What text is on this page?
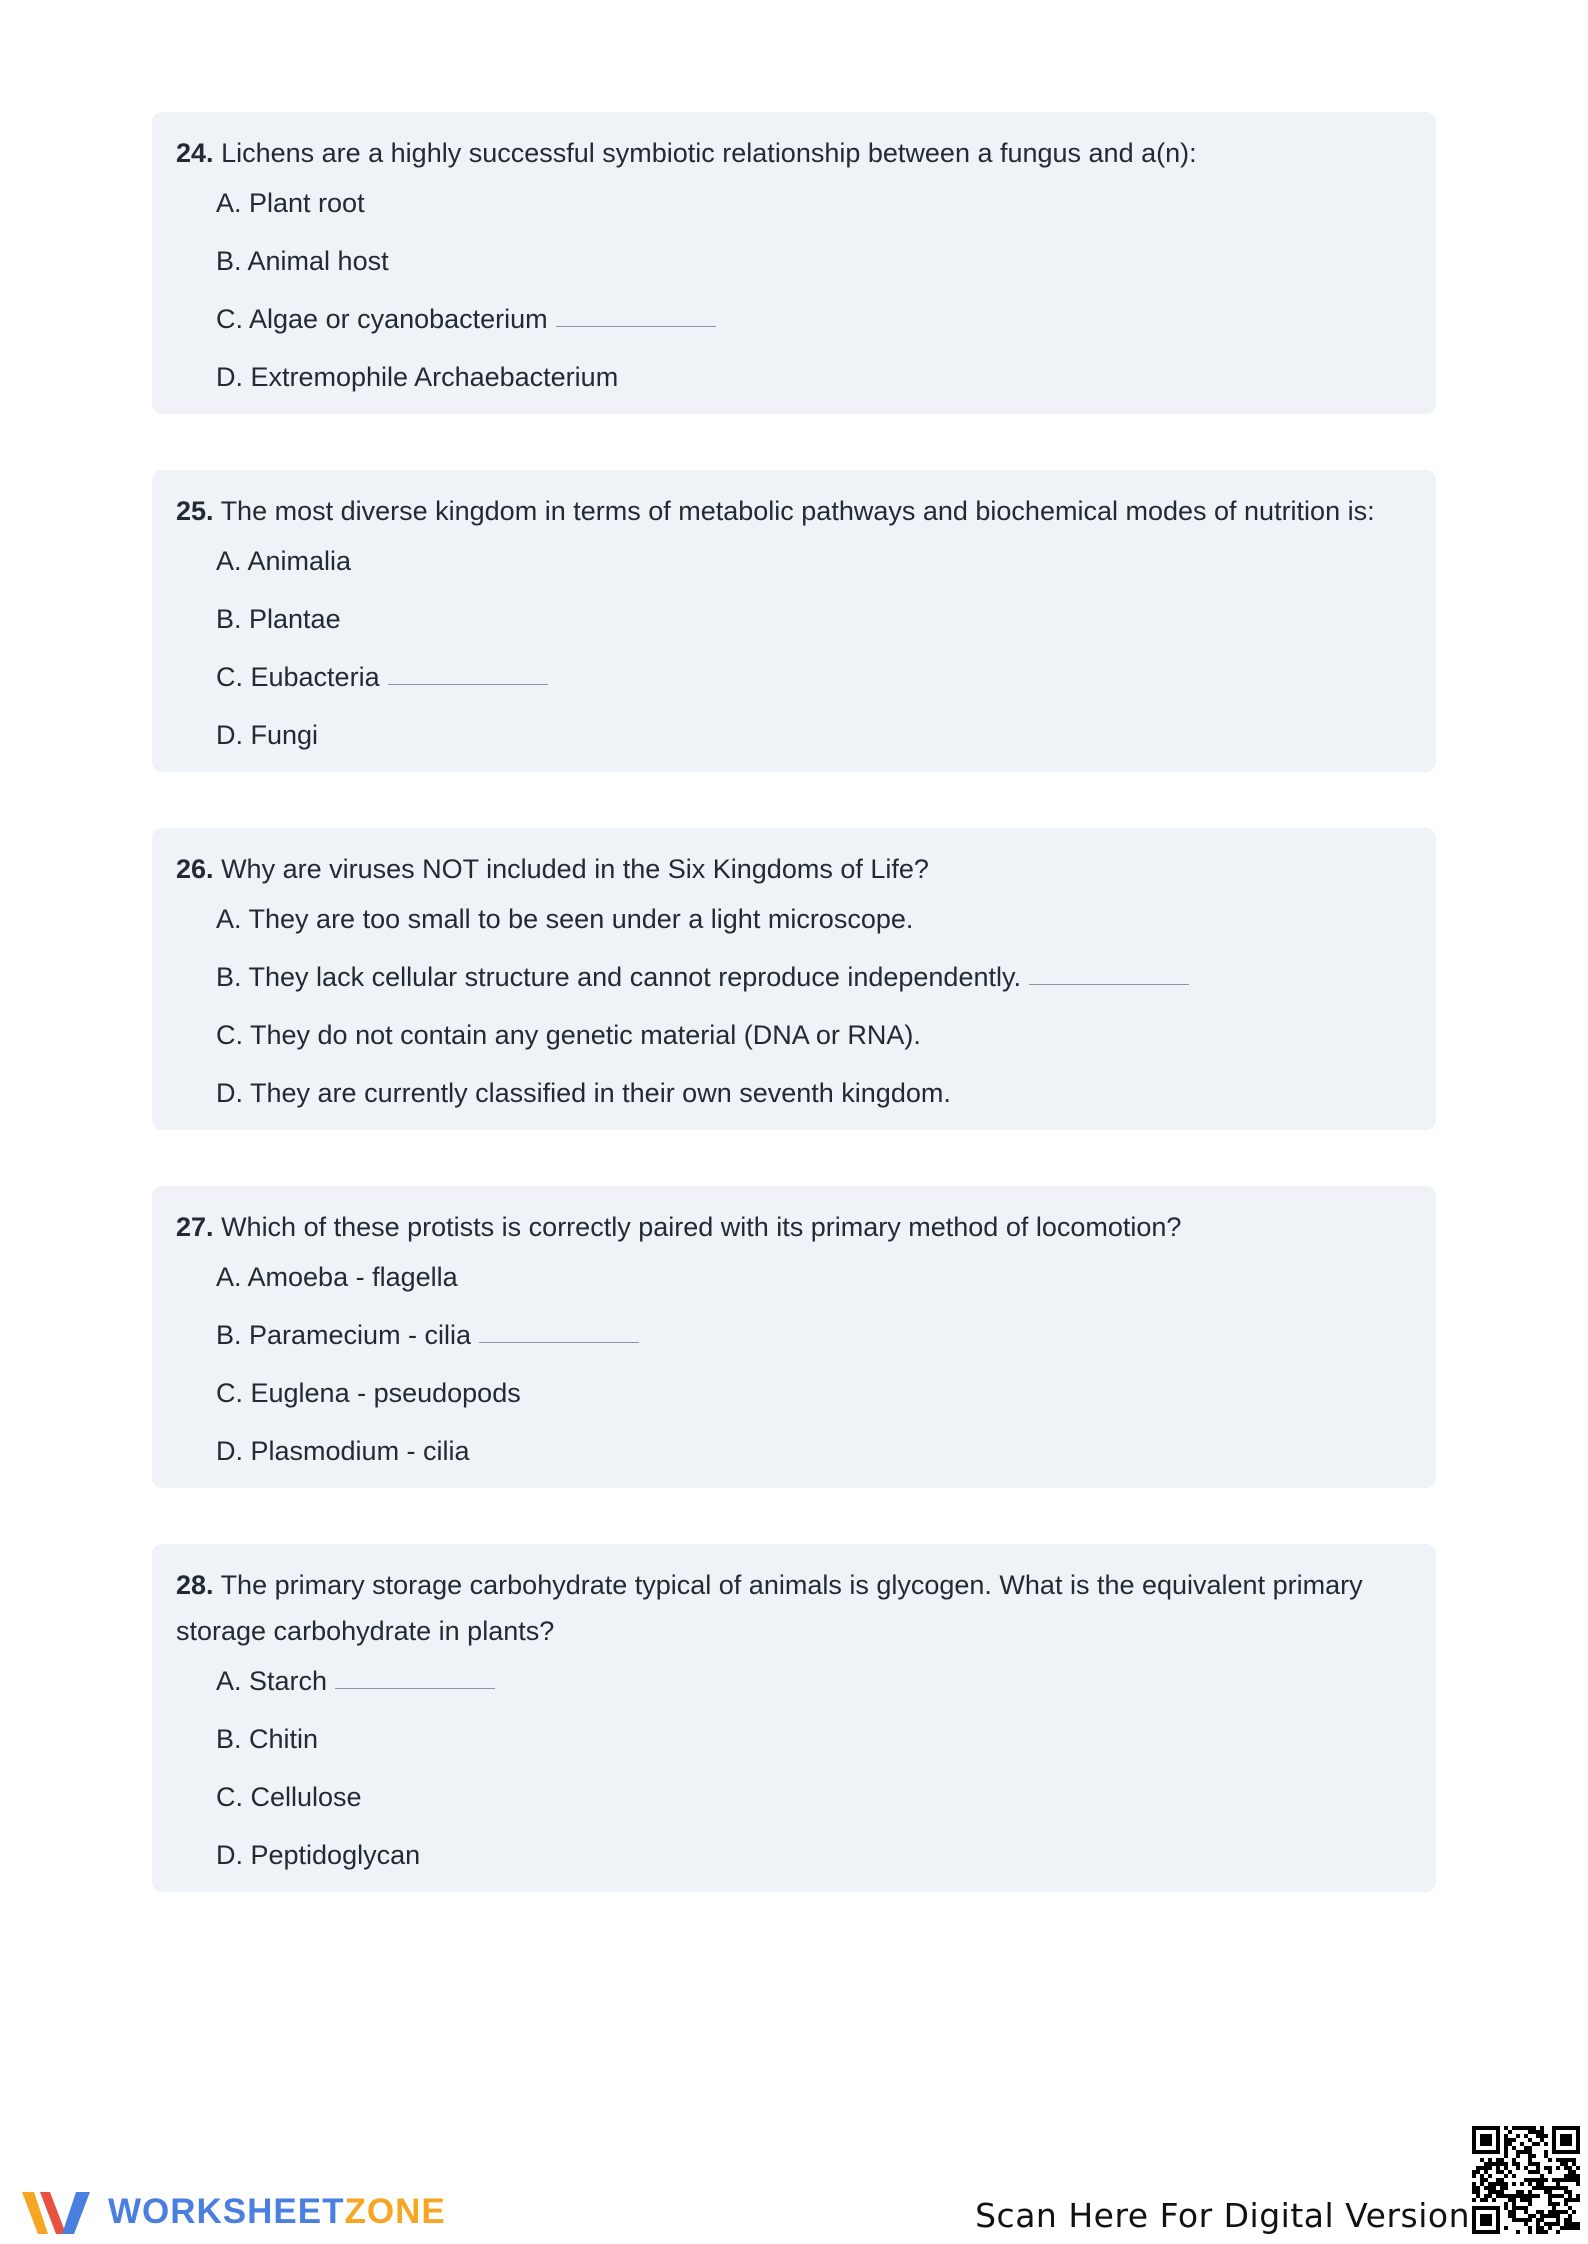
24. Lichens are a highly successful symbiotic relationship between a fungus and a(n):

A. Plant root
B. Animal host
C. Algae or cyanobacterium
D. Extremophile Archaebacterium

25. The most diverse kingdom in terms of metabolic pathways and biochemical modes of nutrition is:

A. Animalia
B. Plantae
C. Eubacteria
D. Fungi

26. Why are viruses NOT included in the Six Kingdoms of Life?

A. They are too small to be seen under a light microscope.
B. They lack cellular structure and cannot reproduce independently.
C. They do not contain any genetic material (DNA or RNA).
D. They are currently classified in their own seventh kingdom.

27. Which of these protists is correctly paired with its primary method of locomotion?

A. Amoeba - flagella
B. Paramecium - cilia
C. Euglena - pseudopods
D. Plasmodium - cilia

28. The primary storage carbohydrate typical of animals is glycogen. What is the equivalent primary storage carbohydrate in plants?

A. Starch
B. Chitin
C. Cellulose
D. Peptidoglycan
WORKSHEETZONE	Scan Here For Digital Version
